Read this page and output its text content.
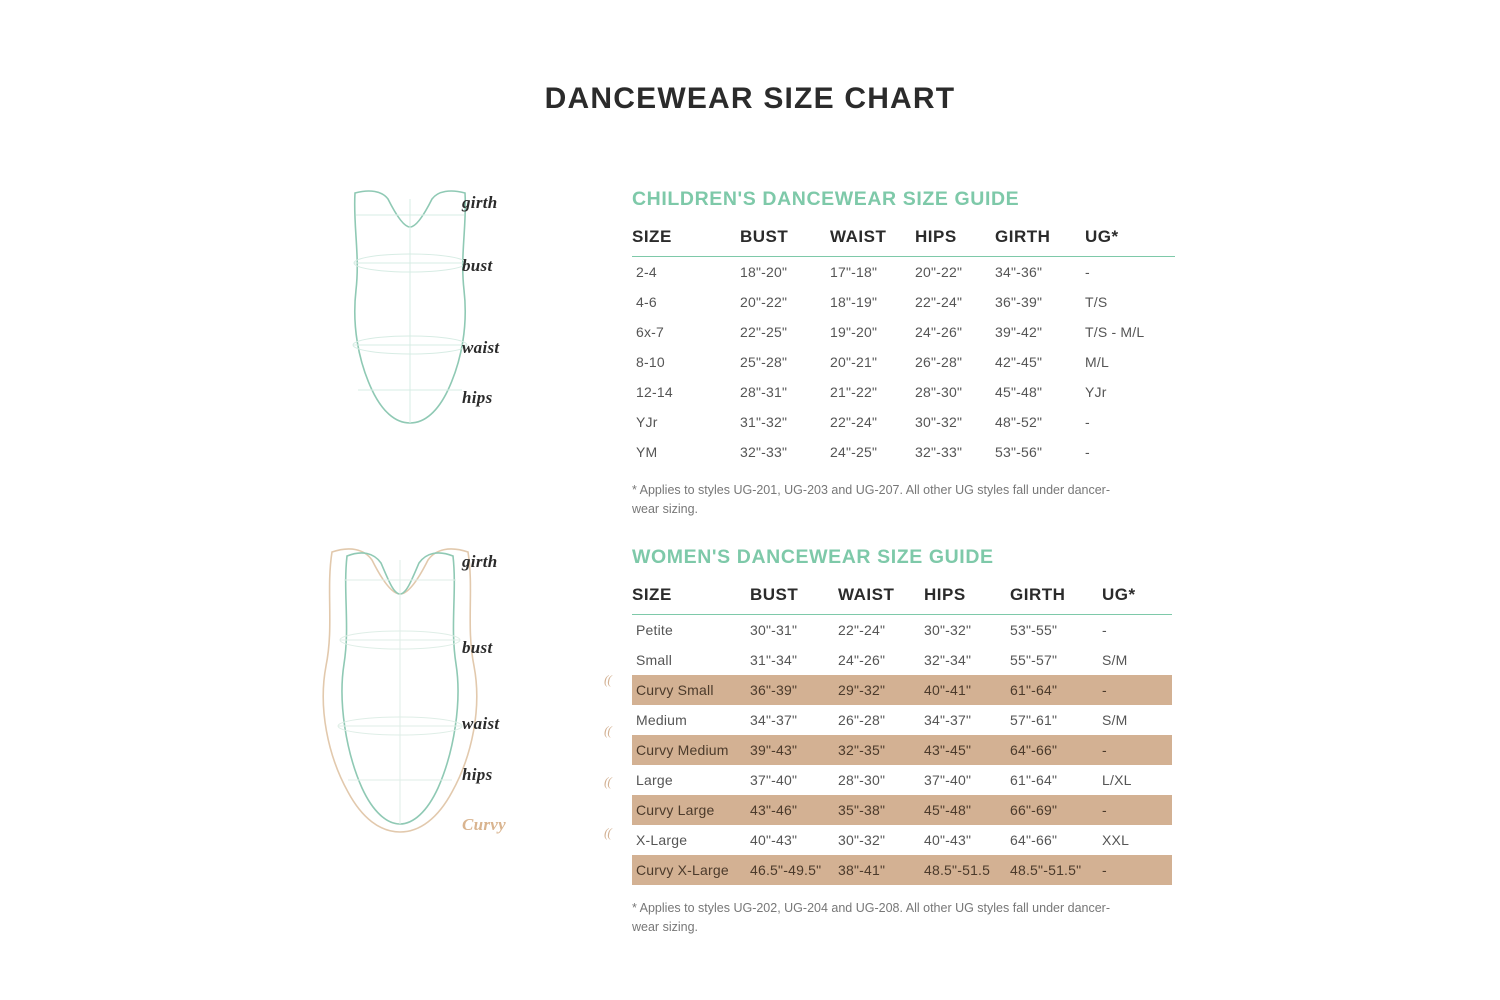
DANCEWEAR SIZE CHART
girth
bust
waist
hips
girth
bust
waist
hips
Curvy
CHILDREN'S DANCEWEAR SIZE GUIDE
SIZE	BUST	WAIST	HIPS	GIRTH	UG*
2-4	18"-20"	17"-18"	20"-22"	34"-36"	-
4-6	20"-22"	18"-19"	22"-24"	36"-39"	T/S
6x-7	22"-25"	19"-20"	24"-26"	39"-42"	T/S - M/L
8-10	25"-28"	20"-21"	26"-28"	42"-45"	M/L
12-14	28"-31"	21"-22"	28"-30"	45"-48"	YJr
YJr	31"-32"	22"-24"	30"-32"	48"-52"	-
YM	32"-33"	24"-25"	32"-33"	53"-56"	-
* Applies to styles UG-201, UG-203 and UG-207. All other UG styles fall under dancer-wear sizing.
WOMEN'S DANCEWEAR SIZE GUIDE
SIZE	BUST	WAIST	HIPS	GIRTH	UG*
Petite	30"-31"	22"-24"	30"-32"	53"-55"	-
Small	31"-34"	24"-26"	32"-34"	55"-57"	S/M
Curvy Small	36"-39"	29"-32"	40"-41"	61"-64"	-
Medium	34"-37"	26"-28"	34"-37"	57"-61"	S/M
Curvy Medium	39"-43"	32"-35"	43"-45"	64"-66"	-
Large	37"-40"	28"-30"	37"-40"	61"-64"	L/XL
Curvy Large	43"-46"	35"-38"	45"-48"	66"-69"	-
X-Large	40"-43"	30"-32"	40"-43"	64"-66"	XXL
Curvy X-Large	46.5"-49.5"	38"-41"	48.5"-51.5	48.5"-51.5"	-
* Applies to styles UG-202, UG-204 and UG-208. All other UG styles fall under dancer-wear sizing.
((
((
((
((
